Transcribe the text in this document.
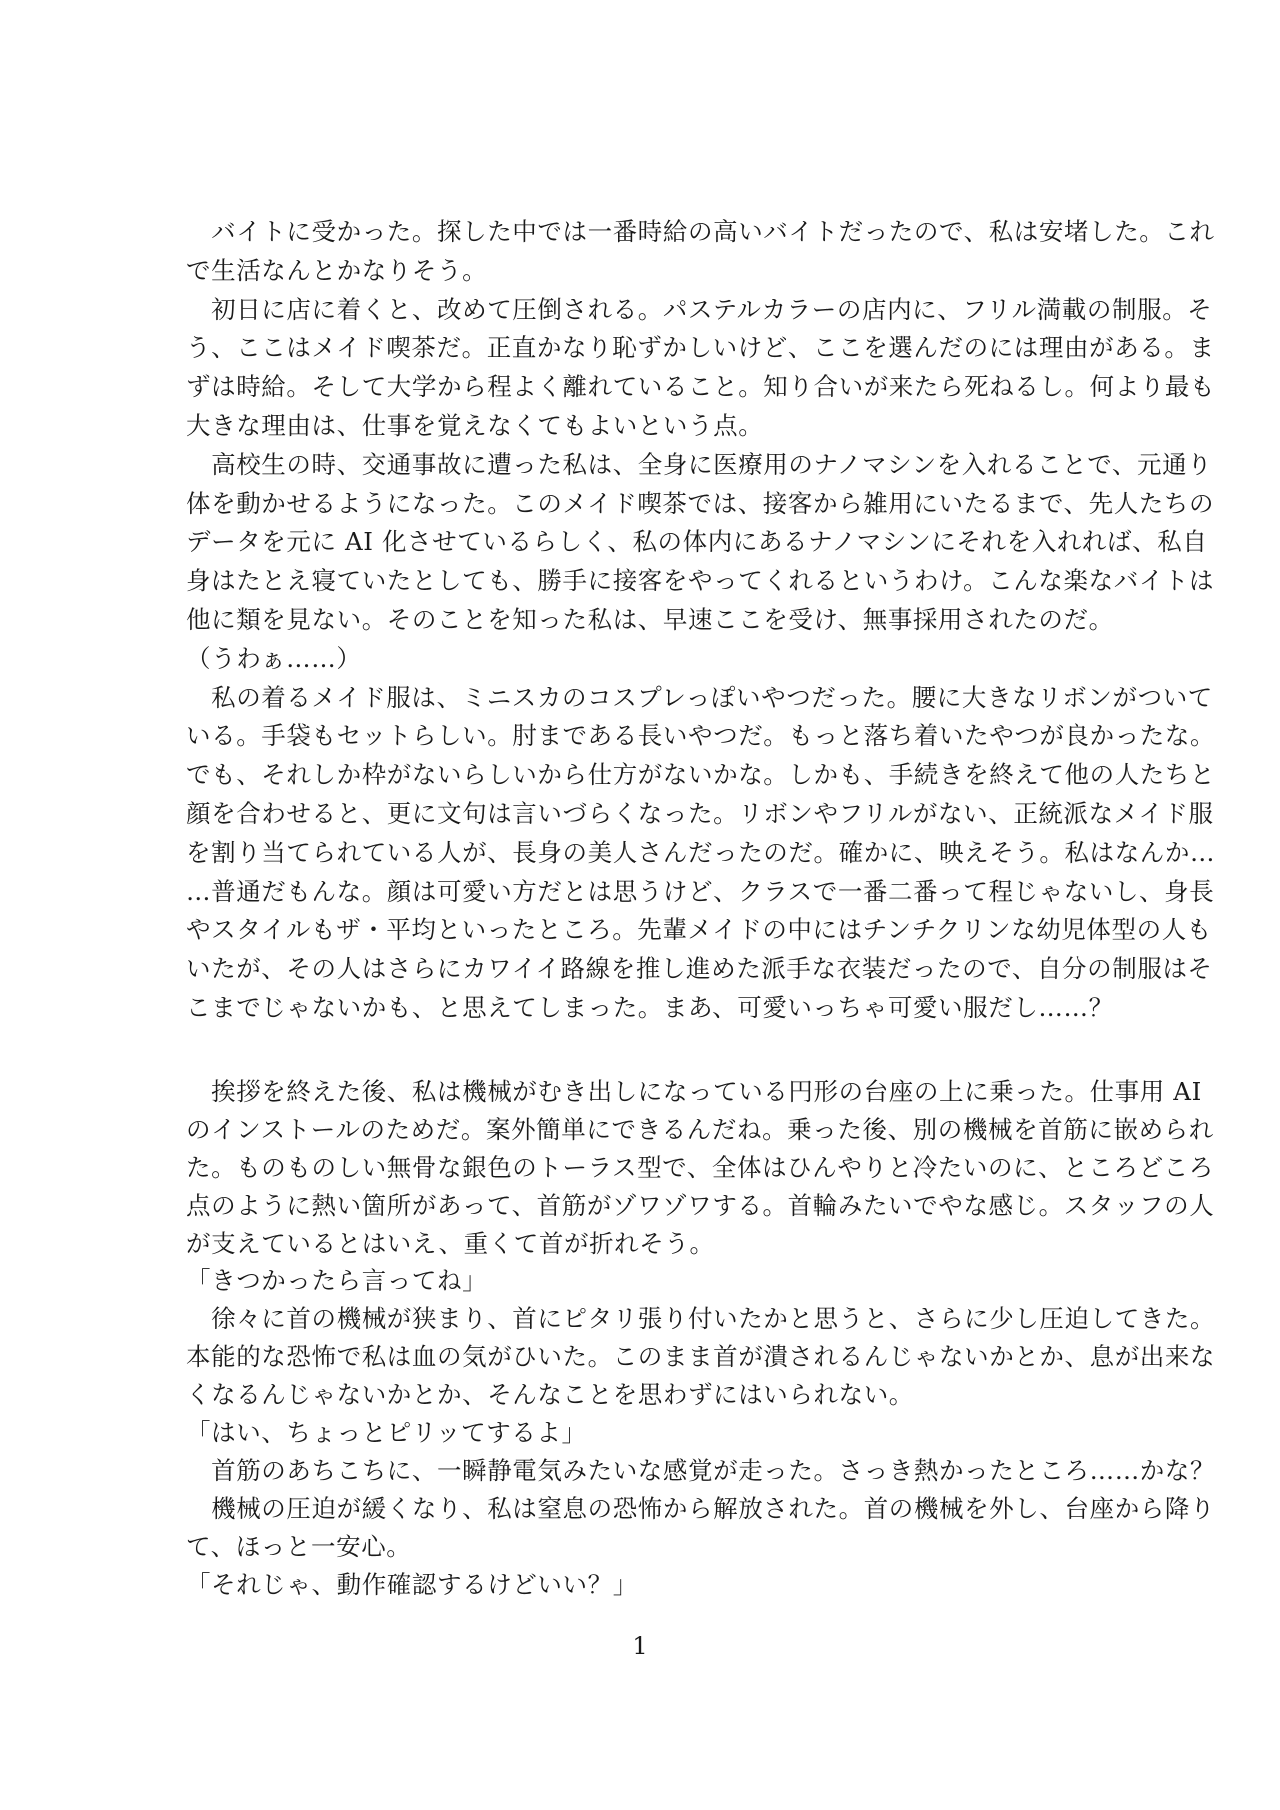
　バイトに受かった。探した中では一番時給の高いバイトだったので、私は安堵した。これ
で生活なんとかなりそう。
　初日に店に着くと、改めて圧倒される。パステルカラーの店内に、フリル満載の制服。そ
う、ここはメイド喫茶だ。正直かなり恥ずかしいけど、ここを選んだのには理由がある。ま
ずは時給。そして大学から程よく離れていること。知り合いが来たら死ねるし。何より最も
大きな理由は、仕事を覚えなくてもよいという点。
　高校生の時、交通事故に遭った私は、全身に医療用のナノマシンを入れることで、元通り
体を動かせるようになった。このメイド喫茶では、接客から雑用にいたるまで、先人たちの
データを元に AI 化させているらしく、私の体内にあるナノマシンにそれを入れれば、私自
身はたとえ寝ていたとしても、勝手に接客をやってくれるというわけ。こんな楽なバイトは
他に類を見ない。そのことを知った私は、早速ここを受け、無事採用されたのだ。
（うわぁ……）
　私の着るメイド服は、ミニスカのコスプレっぽいやつだった。腰に大きなリボンがついて
いる。手袋もセットらしい。肘まである長いやつだ。もっと落ち着いたやつが良かったな。
でも、それしか枠がないらしいから仕方がないかな。しかも、手続きを終えて他の人たちと
顔を合わせると、更に文句は言いづらくなった。リボンやフリルがない、正統派なメイド服
を割り当てられている人が、長身の美人さんだったのだ。確かに、映えそう。私はなんか…
…普通だもんな。顔は可愛い方だとは思うけど、クラスで一番二番って程じゃないし、身長
やスタイルもザ・平均といったところ。先輩メイドの中にはチンチクリンな幼児体型の人も
いたが、その人はさらにカワイイ路線を推し進めた派手な衣装だったので、自分の制服はそ
こまでじゃないかも、と思えてしまった。まあ、可愛いっちゃ可愛い服だし……？
　挨拶を終えた後、私は機械がむき出しになっている円形の台座の上に乗った。仕事用 AI
のインストールのためだ。案外簡単にできるんだね。乗った後、別の機械を首筋に嵌められ
た。ものものしい無骨な銀色のトーラス型で、全体はひんやりと冷たいのに、ところどころ
点のように熱い箇所があって、首筋がゾワゾワする。首輪みたいでやな感じ。スタッフの人
が支えているとはいえ、重くて首が折れそう。
「きつかったら言ってね」
　徐々に首の機械が狭まり、首にピタリ張り付いたかと思うと、さらに少し圧迫してきた。
本能的な恐怖で私は血の気がひいた。このまま首が潰されるんじゃないかとか、息が出来な
くなるんじゃないかとか、そんなことを思わずにはいられない。
「はい、ちょっとピリッてするよ」
　首筋のあちこちに、一瞬静電気みたいな感覚が走った。さっき熱かったところ……かな？
　機械の圧迫が緩くなり、私は窒息の恐怖から解放された。首の機械を外し、台座から降り
て、ほっと一安心。
「それじゃ、動作確認するけどいい？」
1
